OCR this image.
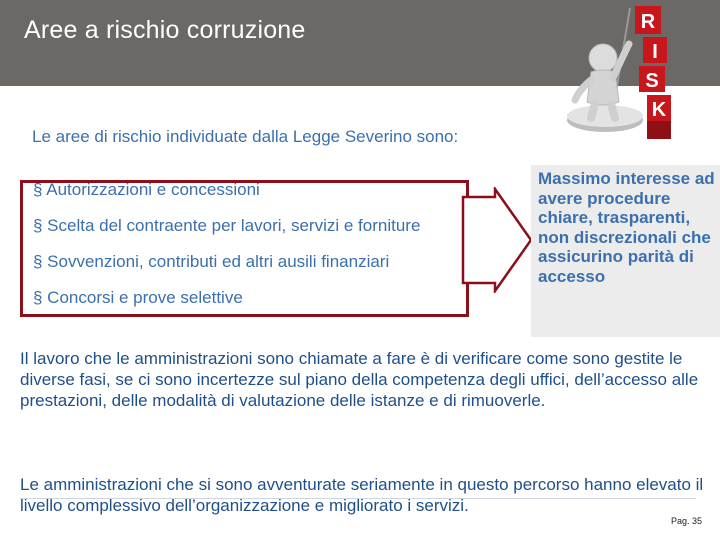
Aree a rischio corruzione	R
I
S
K
Le aree di rischio individuate dalla Legge Severino sono:
§ Autorizzazioni e concessioni
§ Scelta del contraente per lavori, servizi e forniture
§ Sovvenzioni, contributi ed altri ausili finanziari
§ Concorsi e prove selettive
Massimo interesse ad avere procedure chiare, trasparenti, non discrezionali che assicurino parità di accesso
Il lavoro che le amministrazioni sono chiamate a fare è di verificare come sono gestite le diverse fasi, se ci sono incertezze sul piano della competenza degli uffici, dell’accesso alle prestazioni, delle modalità di valutazione delle istanze e di rimuoverle.
Le amministrazioni che si sono avventurate seriamente in questo percorso hanno elevato il livello complessivo dell’organizzazione e migliorato i servizi.
Pag. 35
